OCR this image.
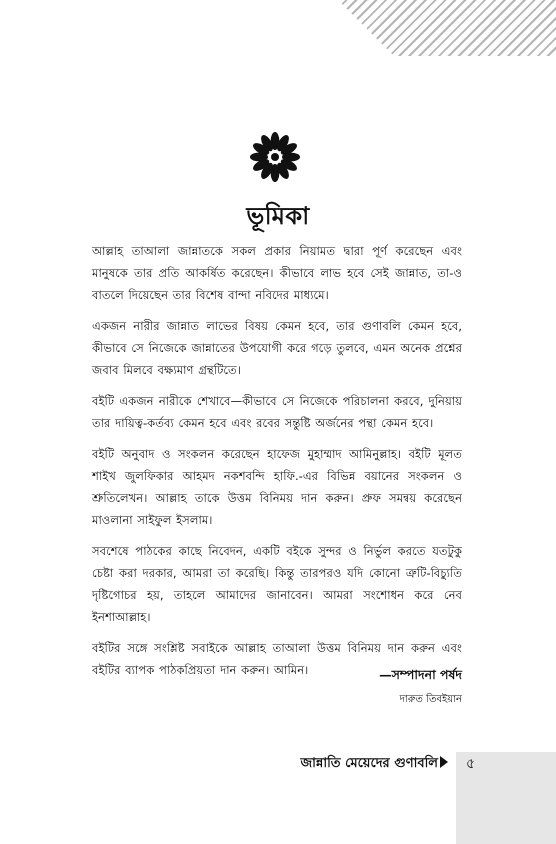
ভূমিকা

আল্লাহ তাআলা জান্নাতকে সকল প্রকার নিয়ামত দ্বারা পূর্ণ করেছেন এবং মানুষকে তার প্রতি আকর্ষিত করেছেন। কীভাবে লাভ হবে সেই জান্নাত, তা-ও বাতলে দিয়েছেন তার বিশেষ বান্দা নবিদের মাধ্যমে।

একজন নারীর জান্নাত লাভের বিষয় কেমন হবে, তার গুণাবলি কেমন হবে, কীভাবে সে নিজেকে জান্নাতের উপযোগী করে গড়ে তুলবে, এমন অনেক প্রশ্নের জবাব মিলবে বক্ষ্যমাণ গ্রন্থটিতে।

বইটি একজন নারীকে শেখাবে—কীভাবে সে নিজেকে পরিচালনা করবে, দুনিয়ায় তার দায়িত্ব-কর্তব্য কেমন হবে এবং রবের সন্তুষ্টি অর্জনের পন্থা কেমন হবে।

বইটি অনুবাদ ও সংকলন করেছেন হাফেজ মুহাম্মাদ আমিনুল্লাহ। বইটি মূলত শাইখ জুলফিকার আহমদ নকশবন্দি হাফি.-এর বিভিন্ন বয়ানের সংকলন ও শ্রুতিলেখন। আল্লাহ তাকে উত্তম বিনিময় দান করুন। প্রুফ সমন্বয় করেছেন মাওলানা সাইফুল ইসলাম।

সবশেষে পাঠকের কাছে নিবেদন, একটি বইকে সুন্দর ও নির্ভুল করতে যতটুকু চেষ্টা করা দরকার, আমরা তা করেছি। কিন্তু তারপরও যদি কোনো ত্রুটি-বিচ্যুতি দৃষ্টিগোচর হয়, তাহলে আমাদের জানাবেন। আমরা সংশোধন করে নেব ইনশাআল্লাহ।

বইটির সঙ্গে সংশ্লিষ্ট সবাইকে আল্লাহ তাআলা উত্তম বিনিময় দান করুন এবং বইটির ব্যাপক পাঠকপ্রিয়তা দান করুন। আমিন।	—সম্পাদনা পর্ষদ
দারুত তিবইয়ান
জান্নাতি মেয়েদের গুণাবলি ৫
